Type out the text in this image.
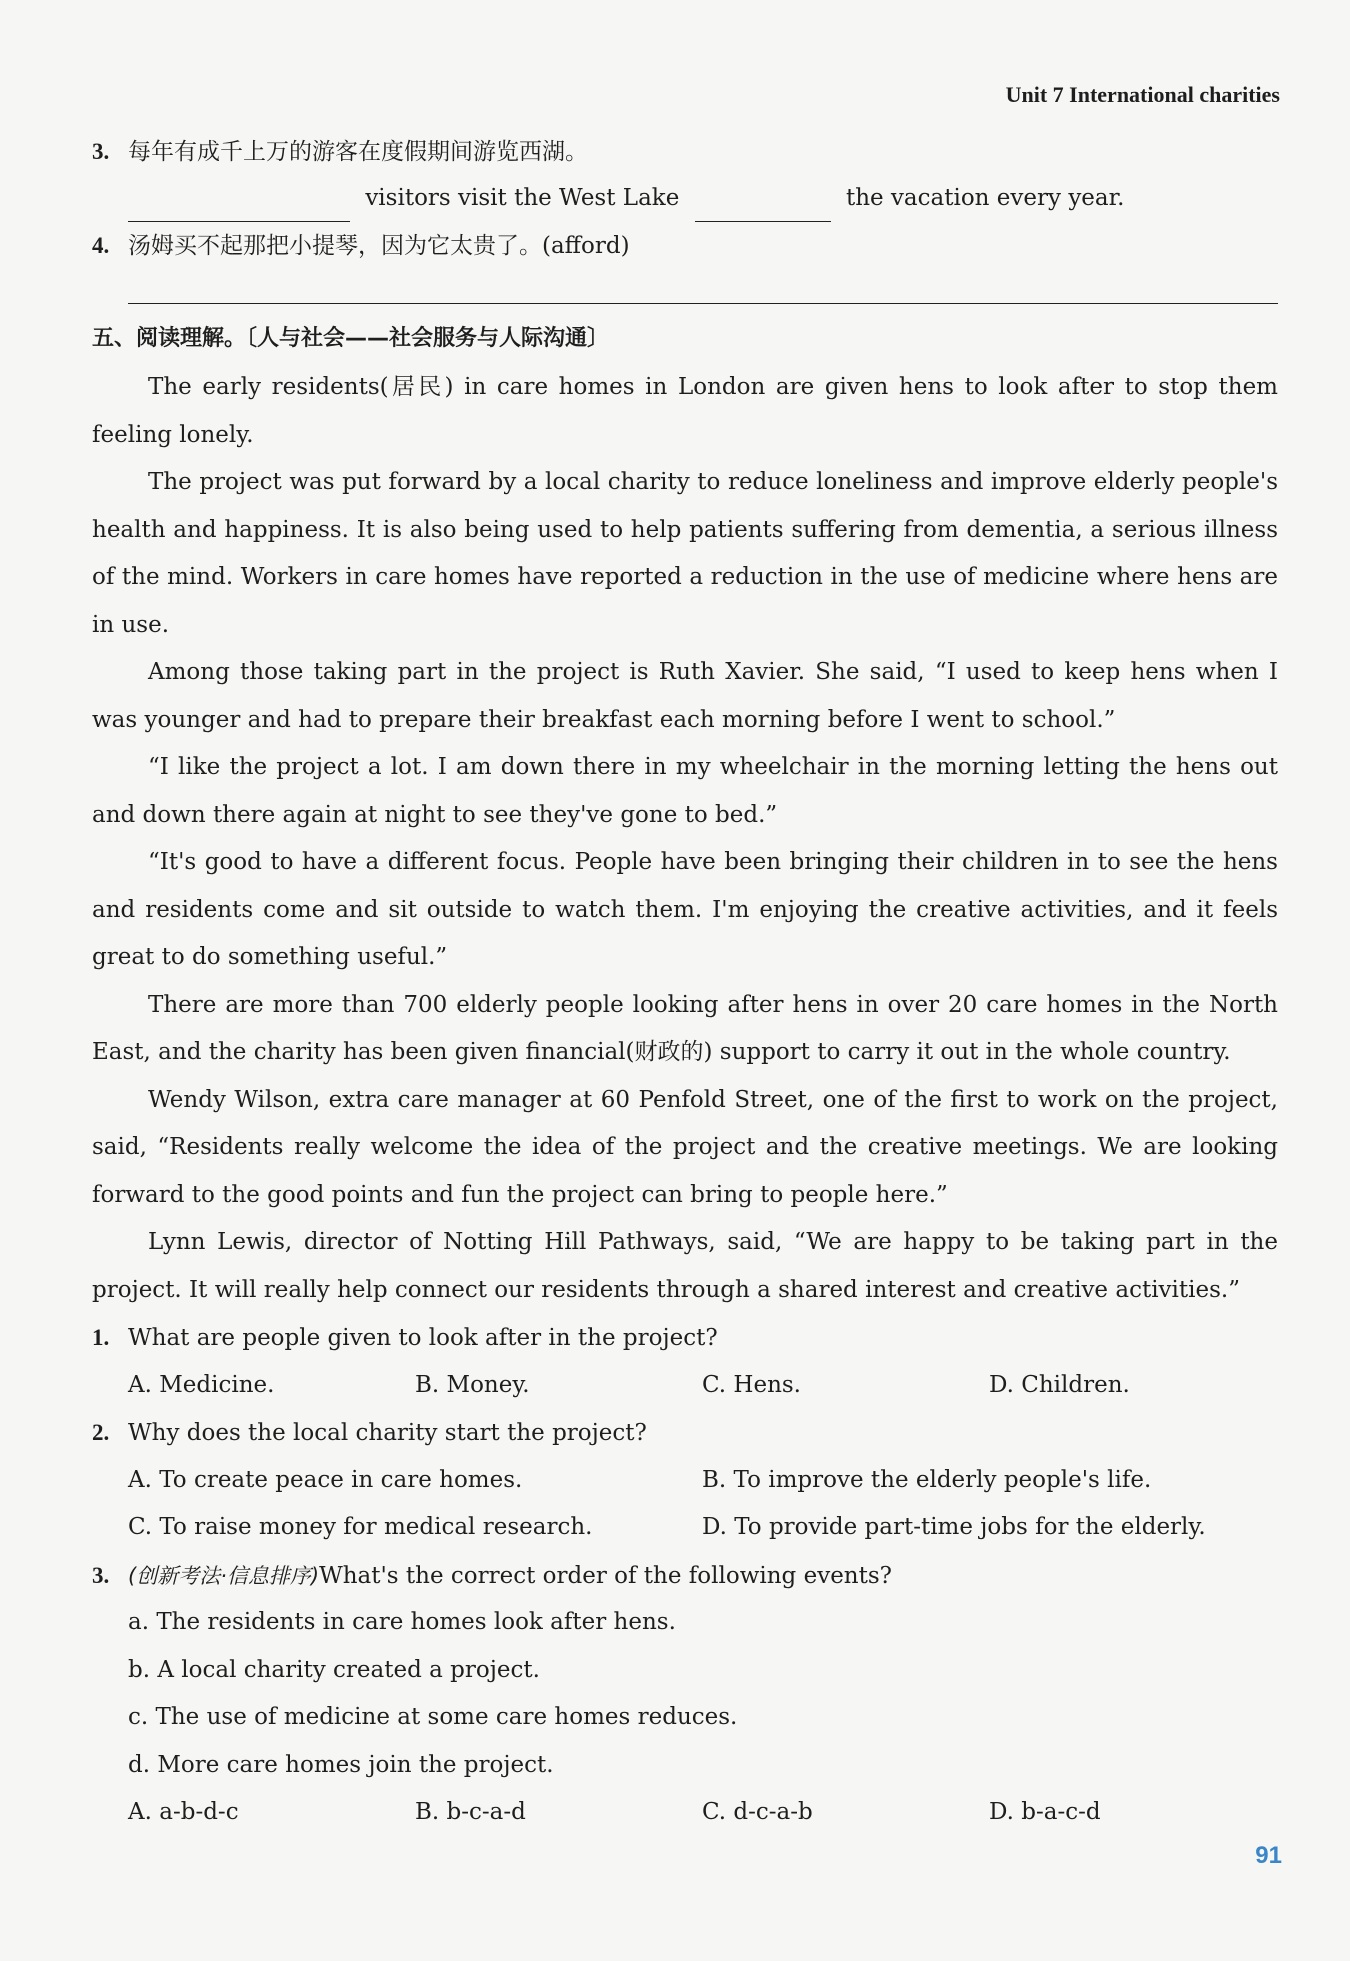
Unit 7 International charities
3. 每年有成千上万的游客在度假期间游览西湖。
visitors visit the West Lake	the vacation every year.
4. 汤姆买不起那把小提琴，因为它太贵了。(afford)
五、阅读理解。〔人与社会——社会服务与人际沟通〕

The early residents(居民) in care homes in London are given hens to look after to stop them feeling lonely.

The project was put forward by a local charity to reduce loneliness and improve elderly people's health and happiness. It is also being used to help patients suffering from dementia, a serious illness of the mind. Workers in care homes have reported a reduction in the use of medicine where hens are in use.

Among those taking part in the project is Ruth Xavier. She said, “I used to keep hens when I was younger and had to prepare their breakfast each morning before I went to school.”

“I like the project a lot. I am down there in my wheelchair in the morning letting the hens out and down there again at night to see they've gone to bed.”

“It's good to have a different focus. People have been bringing their children in to see the hens and residents come and sit outside to watch them. I'm enjoying the creative activities, and it feels great to do something useful.”

There are more than 700 elderly people looking after hens in over 20 care homes in the North East, and the charity has been given financial(财政的) support to carry it out in the whole country.

Wendy Wilson, extra care manager at 60 Penfold Street, one of the first to work on the project, said, “Residents really welcome the idea of the project and the creative meetings. We are looking forward to the good points and fun the project can bring to people here.”

Lynn Lewis, director of Notting Hill Pathways, said, “We are happy to be taking part in the project. It will really help connect our residents through a shared interest and creative activities.”

1. What are people given to look after in the project?
A. Medicine.	B. Money.	C. Hens.	D. Children.
2. Why does the local charity start the project?
A. To create peace in care homes.	B. To improve the elderly people's life.
C. To raise money for medical research.	D. To provide part-time jobs for the elderly.
3. (创新考法·信息排序)What's the correct order of the following events?
a. The residents in care homes look after hens.
b. A local charity created a project.
c. The use of medicine at some care homes reduces.
d. More care homes join the project.
A. a-b-d-c	B. b-c-a-d	C. d-c-a-b	D. b-a-c-d
91
